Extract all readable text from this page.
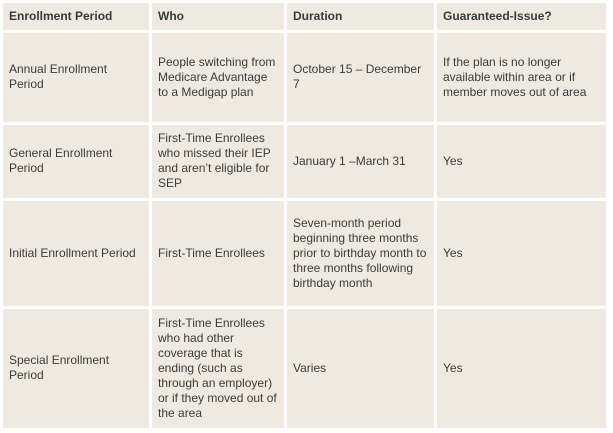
Enrollment Period	Who	Duration	Guaranteed-Issue?
Annual Enrollment Period	People switching from Medicare Advantage to a Medigap plan	October 15 – December 7	If the plan is no longer available within area or if member moves out of area
General Enrollment Period	First-Time Enrollees who missed their IEP and aren’t eligible for SEP	January 1 –March 31	Yes
Initial Enrollment Period	First-Time Enrollees	Seven-month period beginning three months prior to birthday month to three months following birthday month	Yes
Special Enrollment Period	First-Time Enrollees who had other coverage that is ending (such as through an employer) or if they moved out of the area	Varies	Yes
